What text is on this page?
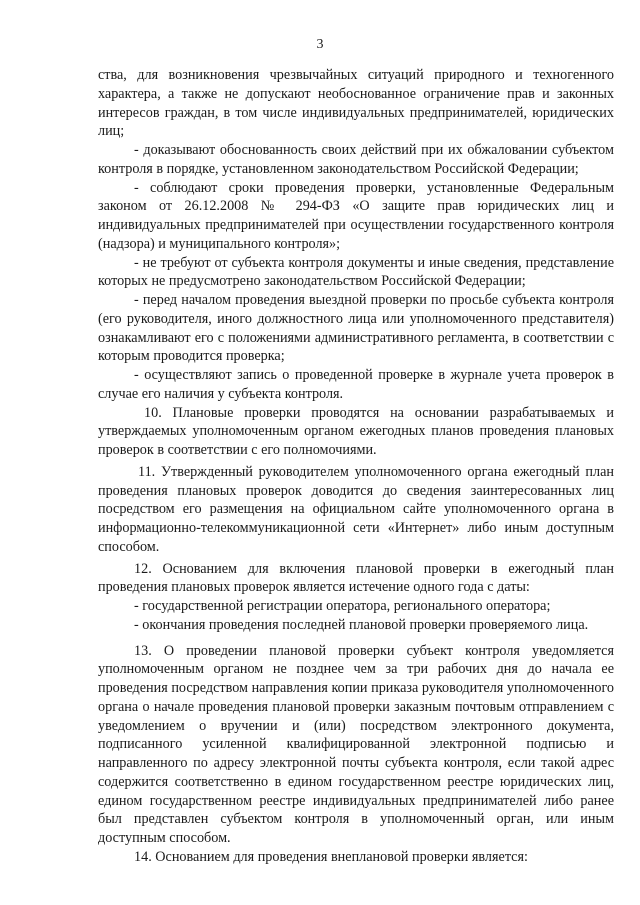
3

ства, для возникновения чрезвычайных ситуаций природного и техногенного характера, а также не допускают необоснованное ограничение прав и законных интересов граждан, в том числе индивидуальных предпринимателей, юридических лиц;

- доказывают обоснованность своих действий при их обжаловании субъектом контроля в порядке, установленном законодательством Российской Федерации;

- соблюдают сроки проведения проверки, установленные Федеральным законом от 26.12.2008 № 294-ФЗ «О защите прав юридических лиц и индивидуальных предпринимателей при осуществлении государственного контроля (надзора) и муниципального контроля»;

- не требуют от субъекта контроля документы и иные сведения, представление которых не предусмотрено законодательством Российской Федерации;

- перед началом проведения выездной проверки по просьбе субъекта контроля (его руководителя, иного должностного лица или уполномоченного представителя) ознакамливают его с положениями административного регламента, в соответствии с которым проводится проверка;

- осуществляют запись о проведенной проверке в журнале учета проверок в случае его наличия у субъекта контроля.

10. Плановые проверки проводятся на основании разрабатываемых и утверждаемых уполномоченным органом ежегодных планов проведения плановых проверок в соответствии с его полномочиями.

11. Утвержденный руководителем уполномоченного органа ежегодный план проведения плановых проверок доводится до сведения заинтересованных лиц посредством его размещения на официальном сайте уполномоченного органа в информационно-телекоммуникационной сети «Интернет» либо иным доступным способом.

12. Основанием для включения плановой проверки в ежегодный план проведения плановых проверок является истечение одного года с даты:

- государственной регистрации оператора, регионального оператора;

- окончания проведения последней плановой проверки проверяемого лица.

13. О проведении плановой проверки субъект контроля уведомляется уполномоченным органом не позднее чем за три рабочих дня до начала ее проведения посредством направления копии приказа руководителя уполномоченного органа о начале проведения плановой проверки заказным почтовым отправлением с уведомлением о вручении и (или) посредством электронного документа, подписанного усиленной квалифицированной электронной подписью и направленного по адресу электронной почты субъекта контроля, если такой адрес содержится соответственно в едином государственном реестре юридических лиц, едином государственном реестре индивидуальных предпринимателей либо ранее был представлен субъектом контроля в уполномоченный орган, или иным доступным способом.

14. Основанием для проведения внеплановой проверки является:
